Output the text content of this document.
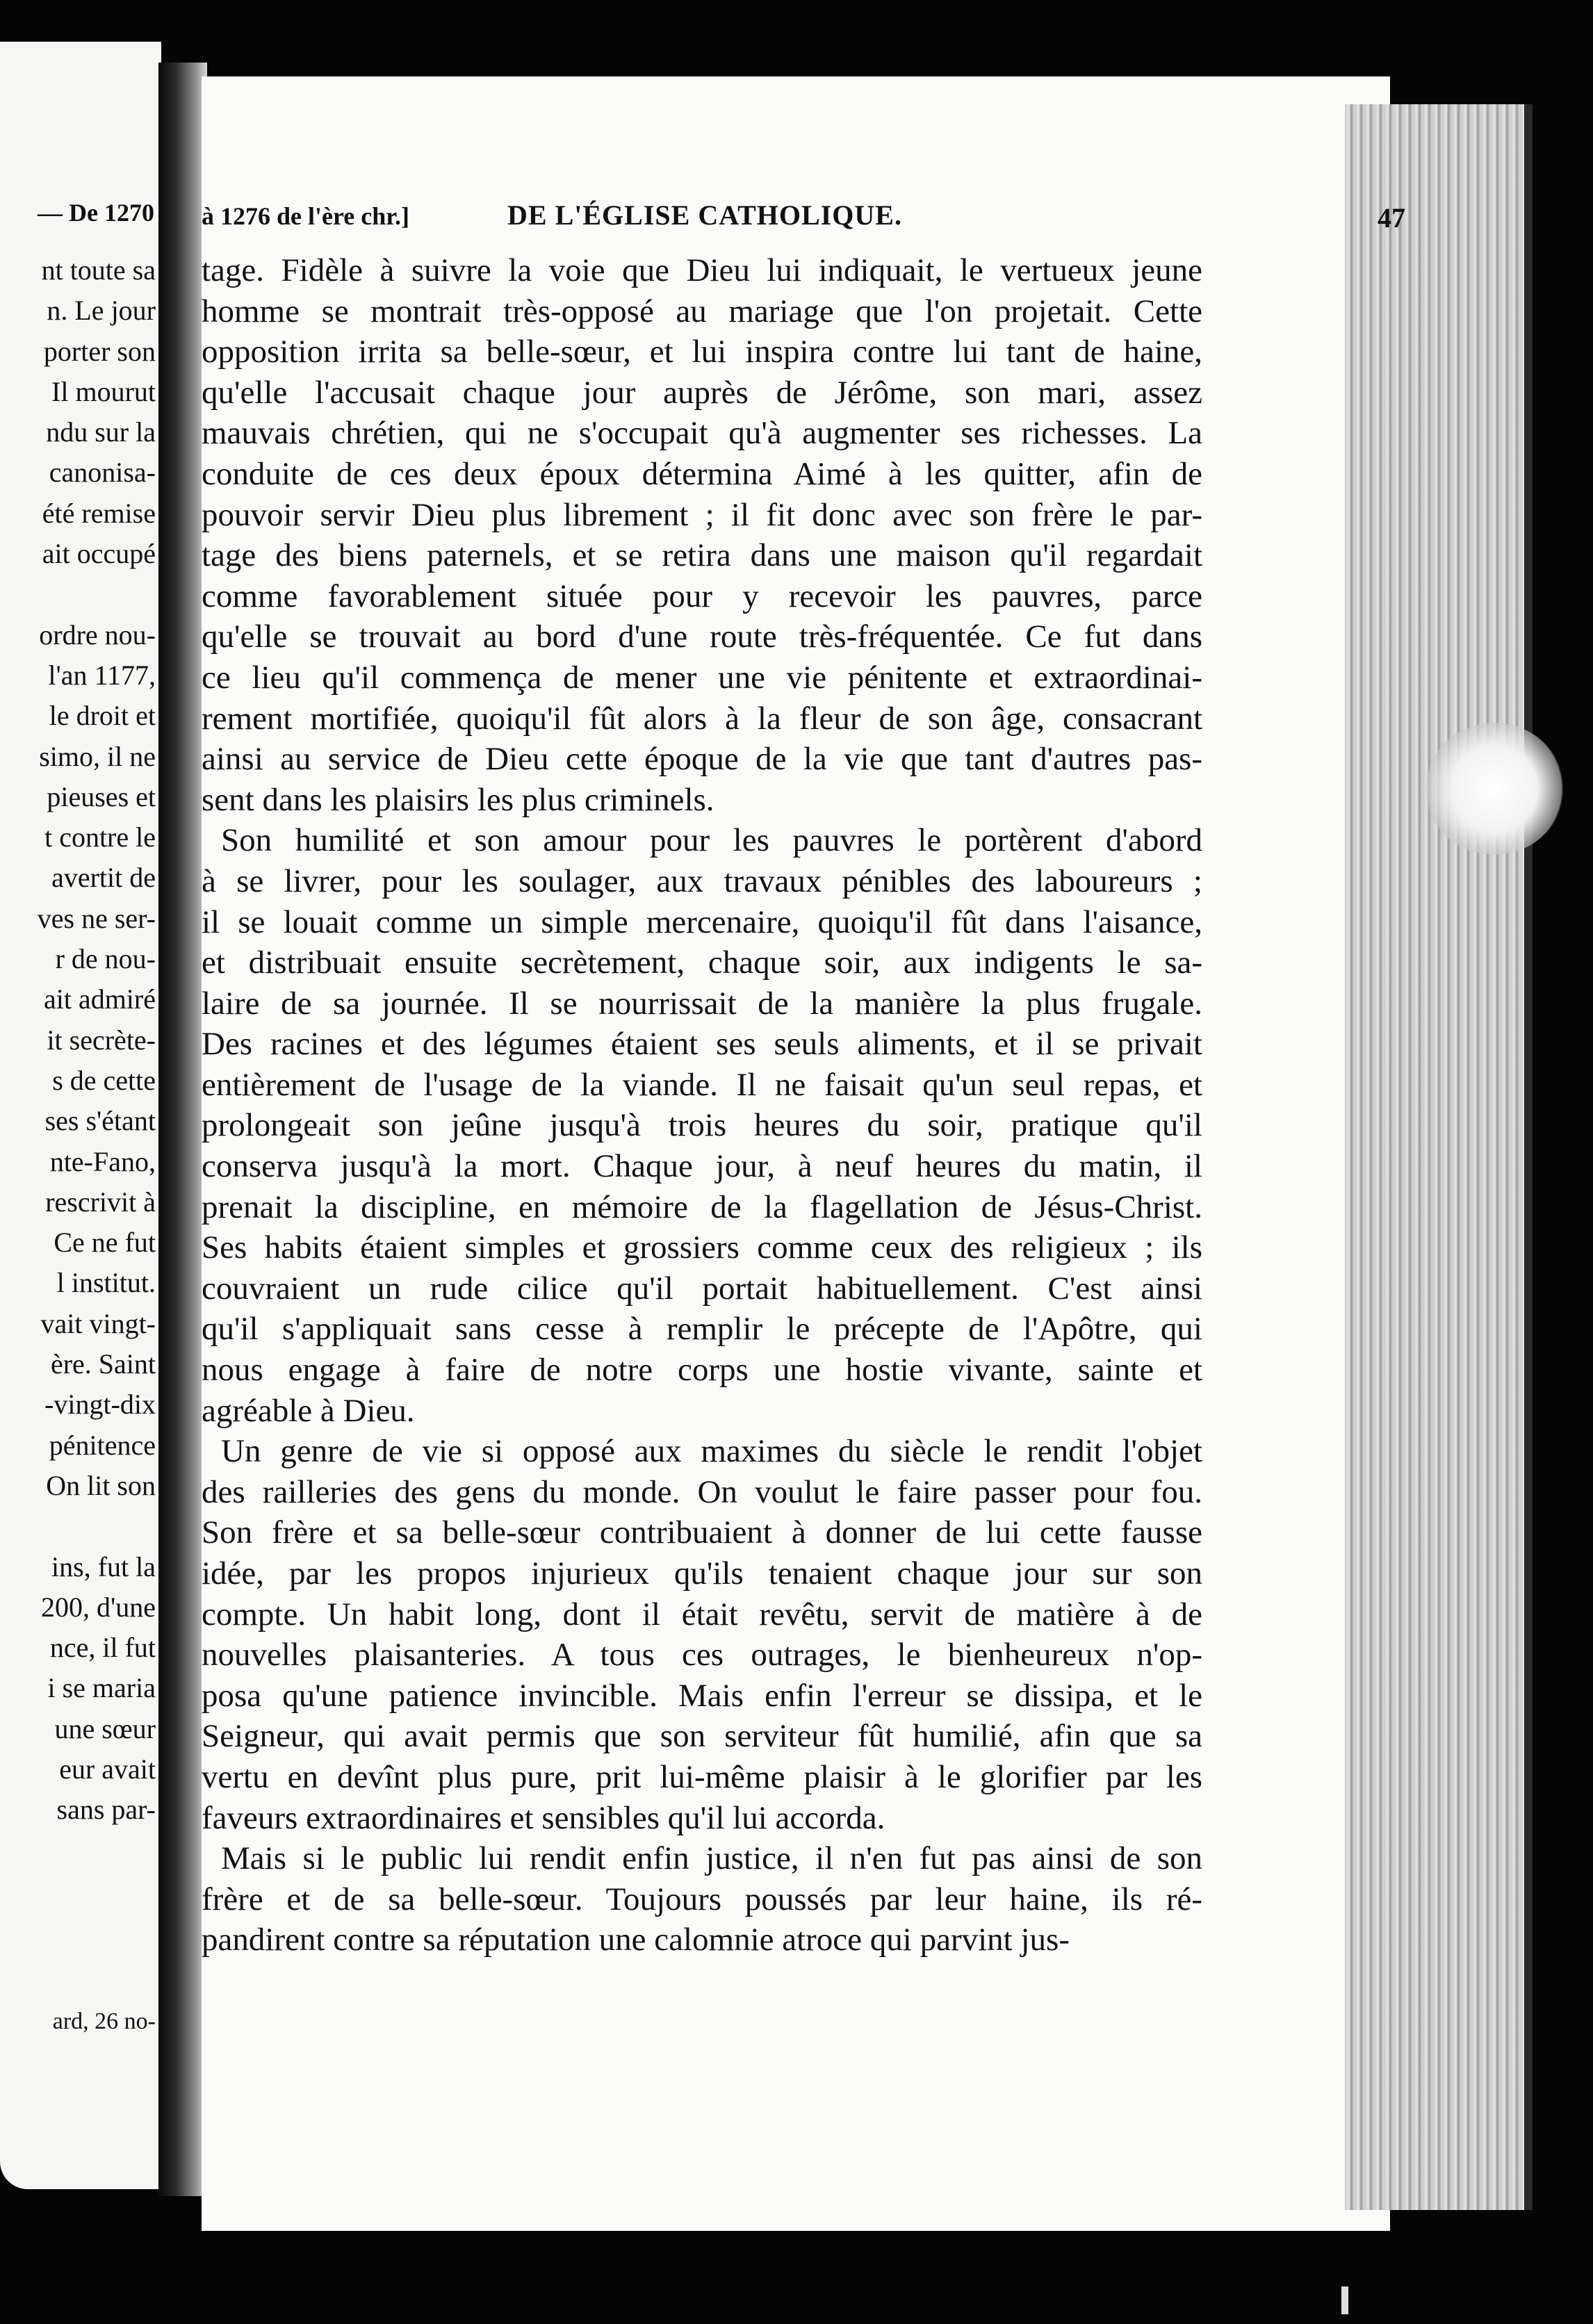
— De 1270
nt toute sa
n. Le jour
porter son
Il mourut
ndu sur la
canonisa-
été remise
ait occupé
ordre nou-
l'an 1177,
le droit et
simo, il ne
pieuses et
t contre le
avertit de
ves ne ser-
r de nou-
ait admiré
it secrète-
s de cette
ses s'étant
nte-Fano,
rescrivit à
Ce ne fut
l institut.
vait vingt-
ère. Saint
-vingt-dix
pénitence
On lit son
ins, fut la
200, d'une
nce, il fut
i se maria
une sœur
eur avait
sans par-
ard, 26 no-
à 1276 de l'ère chr.]	DE L'ÉGLISE CATHOLIQUE.	47
tage. Fidèle à suivre la voie que Dieu lui indiquait, le vertueux jeune
homme se montrait très-opposé au mariage que l'on projetait. Cette
opposition irrita sa belle-sœur, et lui inspira contre lui tant de haine,
qu'elle l'accusait chaque jour auprès de Jérôme, son mari, assez
mauvais chrétien, qui ne s'occupait qu'à augmenter ses richesses. La
conduite de ces deux époux détermina Aimé à les quitter, afin de
pouvoir servir Dieu plus librement ; il fit donc avec son frère le par-
tage des biens paternels, et se retira dans une maison qu'il regardait
comme favorablement située pour y recevoir les pauvres, parce
qu'elle se trouvait au bord d'une route très-fréquentée. Ce fut dans
ce lieu qu'il commença de mener une vie pénitente et extraordinai-
rement mortifiée, quoiqu'il fût alors à la fleur de son âge, consacrant
ainsi au service de Dieu cette époque de la vie que tant d'autres pas-
sent dans les plaisirs les plus criminels.
Son humilité et son amour pour les pauvres le portèrent d'abord
à se livrer, pour les soulager, aux travaux pénibles des laboureurs ;
il se louait comme un simple mercenaire, quoiqu'il fût dans l'aisance,
et distribuait ensuite secrètement, chaque soir, aux indigents le sa-
laire de sa journée. Il se nourrissait de la manière la plus frugale.
Des racines et des légumes étaient ses seuls aliments, et il se privait
entièrement de l'usage de la viande. Il ne faisait qu'un seul repas, et
prolongeait son jeûne jusqu'à trois heures du soir, pratique qu'il
conserva jusqu'à la mort. Chaque jour, à neuf heures du matin, il
prenait la discipline, en mémoire de la flagellation de Jésus-Christ.
Ses habits étaient simples et grossiers comme ceux des religieux ; ils
couvraient un rude cilice qu'il portait habituellement. C'est ainsi
qu'il s'appliquait sans cesse à remplir le précepte de l'Apôtre, qui
nous engage à faire de notre corps une hostie vivante, sainte et
agréable à Dieu.
Un genre de vie si opposé aux maximes du siècle le rendit l'objet
des railleries des gens du monde. On voulut le faire passer pour fou.
Son frère et sa belle-sœur contribuaient à donner de lui cette fausse
idée, par les propos injurieux qu'ils tenaient chaque jour sur son
compte. Un habit long, dont il était revêtu, servit de matière à de
nouvelles plaisanteries. A tous ces outrages, le bienheureux n'op-
posa qu'une patience invincible. Mais enfin l'erreur se dissipa, et le
Seigneur, qui avait permis que son serviteur fût humilié, afin que sa
vertu en devînt plus pure, prit lui-même plaisir à le glorifier par les
faveurs extraordinaires et sensibles qu'il lui accorda.
Mais si le public lui rendit enfin justice, il n'en fut pas ainsi de son
frère et de sa belle-sœur. Toujours poussés par leur haine, ils ré-
pandirent contre sa réputation une calomnie atroce qui parvint jus-
